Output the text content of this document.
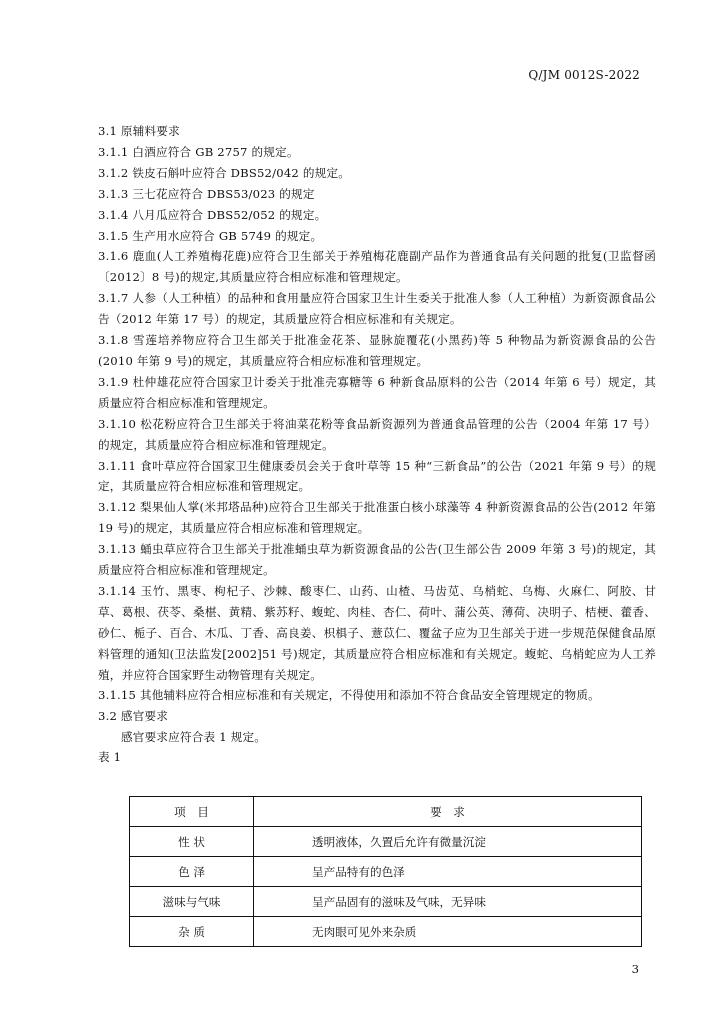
Q/JM 0012S-2022

3.1 原辅料要求

3.1.1 白酒应符合 GB 2757 的规定。

3.1.2 铁皮石斛叶应符合 DBS52/042 的规定。

3.1.3 三七花应符合 DBS53/023 的规定

3.1.4 八月瓜应符合 DBS52/052 的规定。

3.1.5 生产用水应符合 GB 5749 的规定。

3.1.6 鹿血(人工养殖梅花鹿)应符合卫生部关于养殖梅花鹿副产品作为普通食品有关问题的批复(卫监督函〔2012〕8 号)的规定,其质量应符合相应标准和管理规定。

3.1.7 人参（人工种植）的品种和食用量应符合国家卫生计生委关于批准人参（人工种植）为新资源食品公告（2012 年第 17 号）的规定，其质量应符合相应标准和有关规定。

3.1.8 雪莲培养物应符合卫生部关于批准金花茶、显脉旋覆花(小黑药)等 5 种物品为新资源食品的公告(2010 年第 9 号)的规定，其质量应符合相应标准和管理规定。

3.1.9 杜仲雄花应符合国家卫计委关于批准壳寡糖等 6 种新食品原料的公告（2014 年第 6 号）规定，其质量应符合相应标准和管理规定。

3.1.10 松花粉应符合卫生部关于将油菜花粉等食品新资源列为普通食品管理的公告（2004 年第 17 号）的规定，其质量应符合相应标准和管理规定。

3.1.11 食叶草应符合国家卫生健康委员会关于食叶草等 15 种“三新食品”的公告（2021 年第 9 号）的规定，其质量应符合相应标准和管理规定。

3.1.12 梨果仙人掌(米邦塔品种)应符合卫生部关于批准蛋白核小球藻等 4 种新资源食品的公告(2012 年第 19 号)的规定，其质量应符合相应标准和管理规定。

3.1.13 蛹虫草应符合卫生部关于批准蛹虫草为新资源食品的公告(卫生部公告 2009 年第 3 号)的规定，其质量应符合相应标准和管理规定。

3.1.14 玉竹、黑枣、枸杞子、沙棘、酸枣仁、山药、山楂、马齿苋、乌梢蛇、乌梅、火麻仁、阿胶、甘草、葛根、茯苓、桑椹、黄精、紫苏籽、蝮蛇、肉桂、杏仁、荷叶、蒲公英、薄荷、决明子、桔梗、藿香、砂仁、栀子、百合、木瓜、丁香、高良姜、枳椇子、薏苡仁、覆盆子应为卫生部关于进一步规范保健食品原料管理的通知(卫法监发[2002]51 号)规定，其质量应符合相应标准和有关规定。蝮蛇、乌梢蛇应为人工养殖，并应符合国家野生动物管理有关规定。

3.1.15 其他辅料应符合相应标准和有关规定，不得使用和添加不符合食品安全管理规定的物质。

3.2 感官要求

感官要求应符合表 1 规定。

表 1

项　目	要　求
性 状	透明液体，久置后允许有微量沉淀
色 泽	呈产品特有的色泽
滋味与气味	呈产品固有的滋味及气味，无异味
杂 质	无肉眼可见外来杂质
3
